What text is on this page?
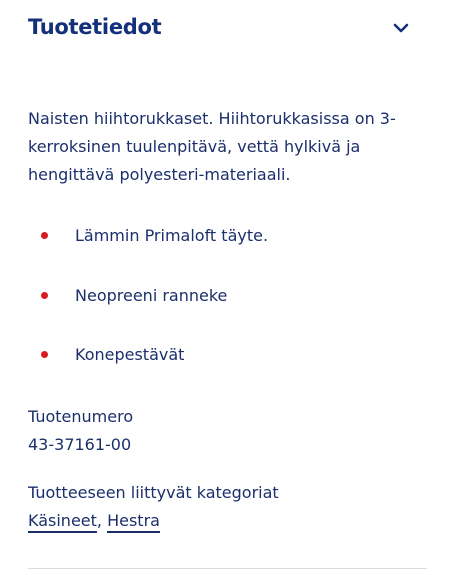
Tuotetiedot

Naisten hiihtorukkaset. Hiihtorukkasissa on 3-kerroksinen tuulenpitävä, vettä hylkivä ja hengittävä polyesteri-materiaali.

Lämmin Primaloft täyte.
Neopreeni ranneke
Konepestävät
Tuotenumero
43-37161-00
Tuotteeseen liittyvät kategoriat
Käsineet, Hestra
